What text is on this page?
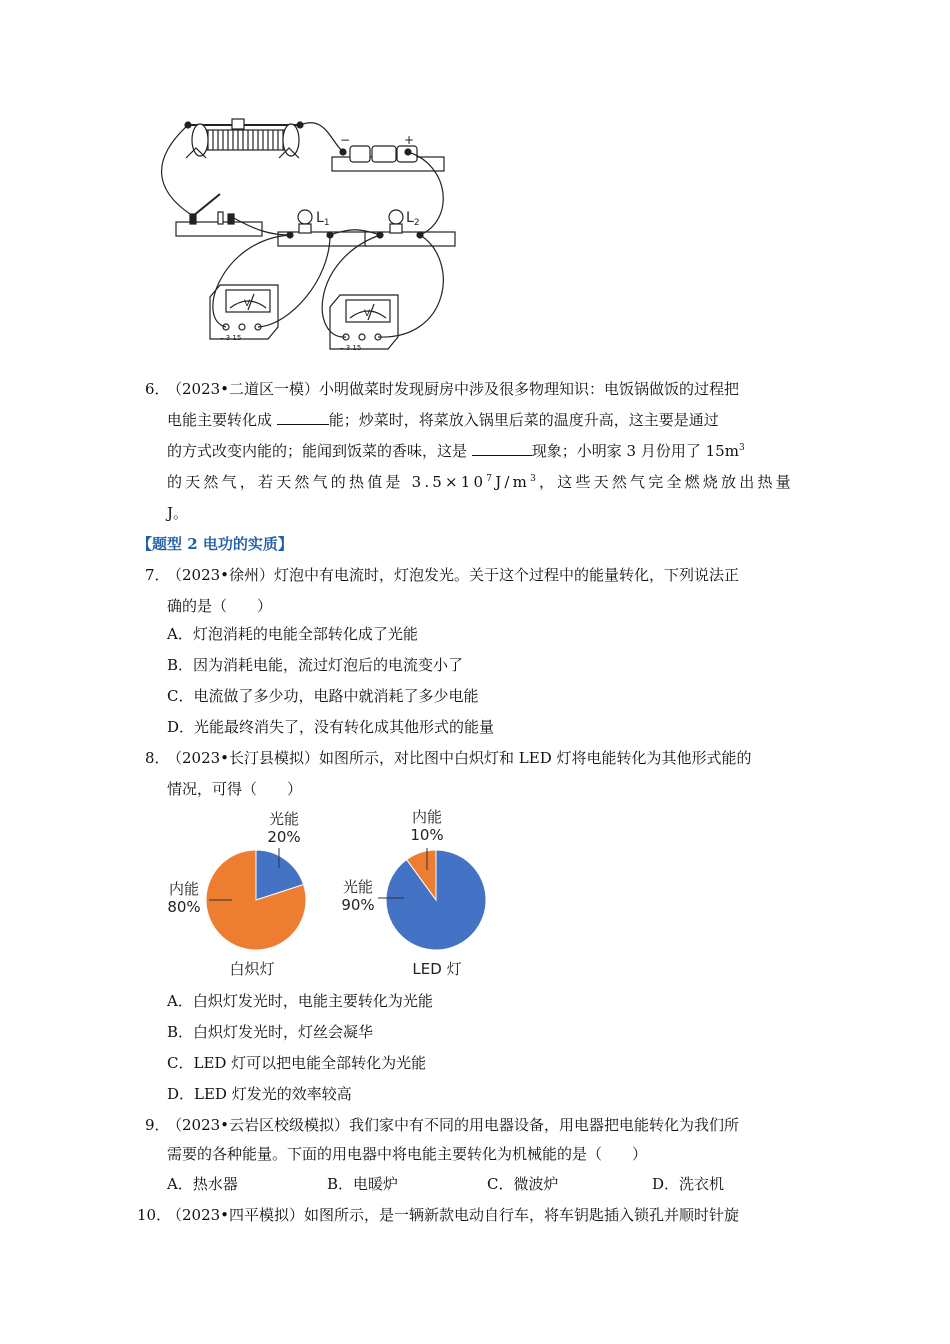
−	+
$L_1$	$L_2$
V
V
– 3 15
– 3 15
6．
（2023•二道区一模）小明做菜时发现厨房中涉及很多物理知识：电饭锅做饭的过程把
电能主要转化成	能；炒菜时，将菜放入锅里后菜的温度升高，这主要是通过
的方式改变内能的；能闻到饭菜的香味，这是	现象；小明家 3 月份用了 $15m^3$
的天然气，若天然气的热值是 $3.5\times 10^7J/m^3$，这些天然气完全燃烧放出热量
J。
【题型 2 电功的实质】
7．
（2023•徐州）灯泡中有电流时，灯泡发光。关于这个过程中的能量转化，下列说法正
确的是（　　）
A．灯泡消耗的电能全部转化成了光能
B．因为消耗电能，流过灯泡后的电流变小了
C．电流做了多少功，电路中就消耗了多少电能
D．光能最终消失了，没有转化成其他形式的能量
8．
（2023•长汀县模拟）如图所示，对比图中白炽灯和 LED 灯将电能转化为其他形式能的
情况，可得（　　）
光能
20%
内能
80%
白炽灯
内能
10%
光能
90%
LED 灯
A．白炽灯发光时，电能主要转化为光能
B．白炽灯发光时，灯丝会凝华
C．LED 灯可以把电能全部转化为光能
D．LED 灯发光的效率较高
9．
（2023•云岩区校级模拟）我们家中有不同的用电器设备，用电器把电能转化为我们所
需要的各种能量。下面的用电器中将电能主要转化为机械能的是（　　）
A．热水器	B．电暖炉	C．微波炉	D．洗衣机
10．
（2023•四平模拟）如图所示，是一辆新款电动自行车，将车钥匙插入锁孔并顺时针旋
